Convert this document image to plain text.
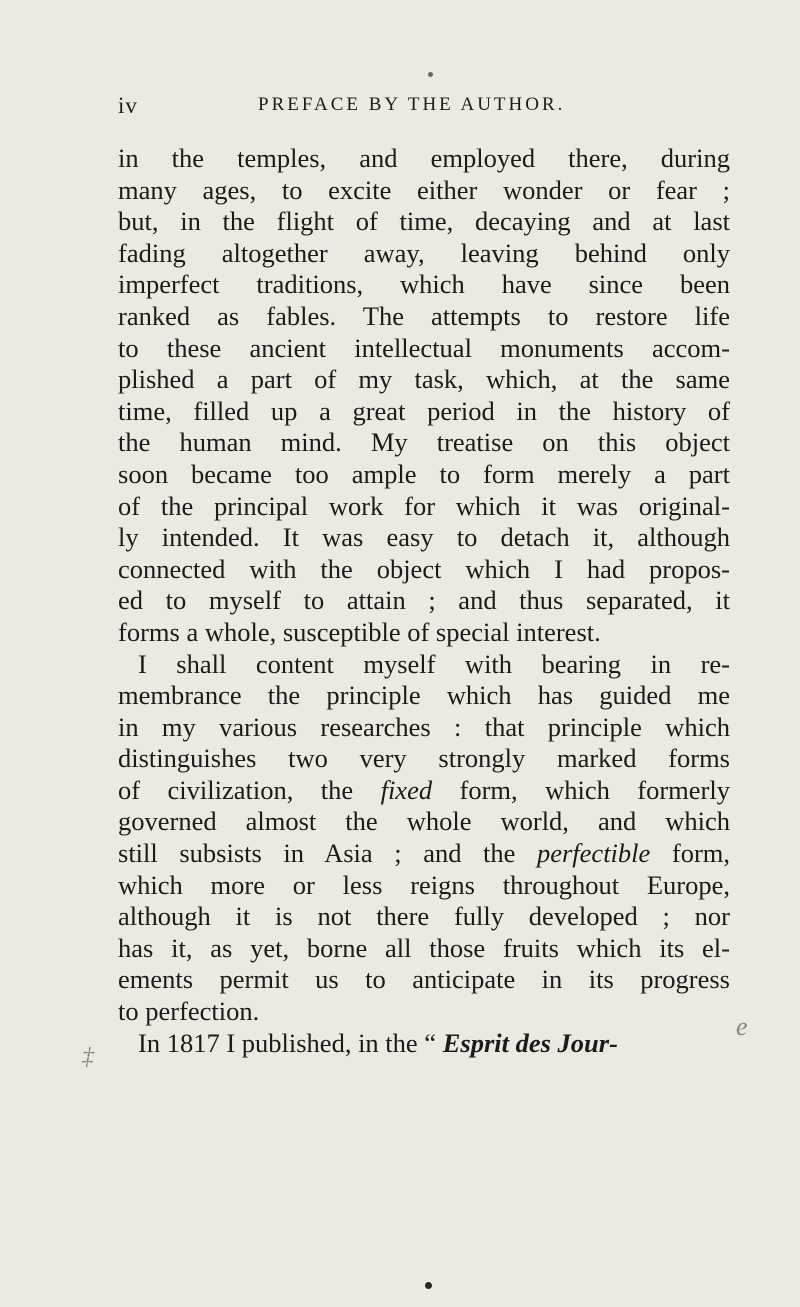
iv	PREFACE BY THE AUTHOR.
in the temples, and employed there, during
many ages, to excite either wonder or fear ;
but, in the flight of time, decaying and at last
fading altogether away, leaving behind only
imperfect traditions, which have since been
ranked as fables. The attempts to restore life
to these ancient intellectual monuments accom-
plished a part of my task, which, at the same
time, filled up a great period in the history of
the human mind. My treatise on this object
soon became too ample to form merely a part
of the principal work for which it was original-
ly intended. It was easy to detach it, although
connected with the object which I had propos-
ed to myself to attain ; and thus separated, it
forms a whole, susceptible of special interest.
I shall content myself with bearing in re-
membrance the principle which has guided me
in my various researches : that principle which
distinguishes two very strongly marked forms
of civilization, the fixed form, which formerly
governed almost the whole world, and which
still subsists in Asia ; and the perfectible form,
which more or less reigns throughout Europe,
although it is not there fully developed ; nor
has it, as yet, borne all those fruits which its el-
ements permit us to anticipate in its progress
to perfection.
In 1817 I published, in the “ Esprit des Jour-
e
‡
